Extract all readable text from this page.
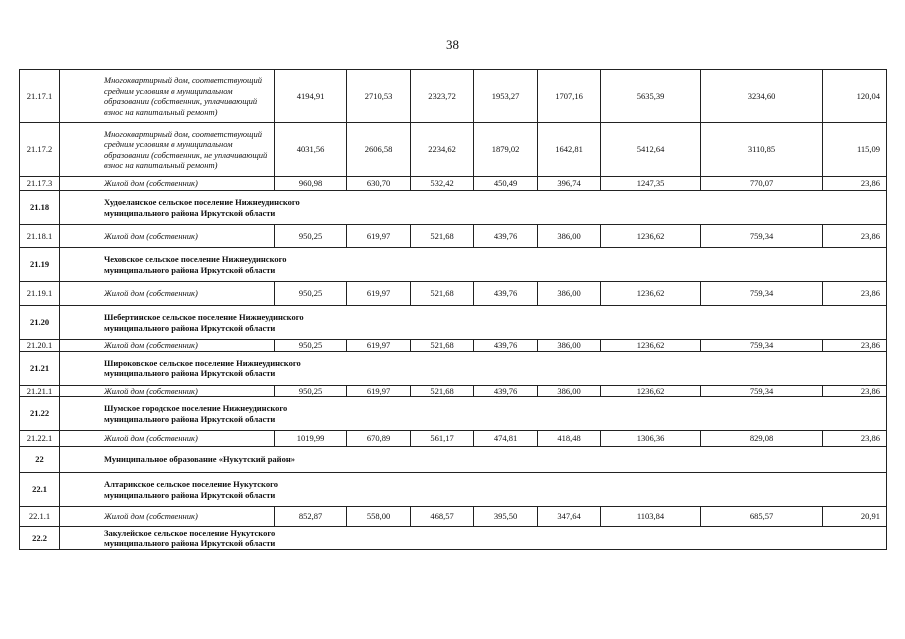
38
21.17.1	Многоквартирный дом, соответствующий средним условиям в муниципальном образовании (собственник, уплачивающий взнос на капитальный ремонт)	4194,91	2710,53	2323,72	1953,27	1707,16	5635,39	3234,60	120,04
21.17.2	Многоквартирный дом, соответствующий средним условиям в муниципальном образовании (собственник, не уплачивающий взнос на капитальный ремонт)	4031,56	2606,58	2234,62	1879,02	1642,81	5412,64	3110,85	115,09
21.17.3	Жилой дом (собственник)	960,98	630,70	532,42	450,49	396,74	1247,35	770,07	23,86
21.18	Худоеланское сельское поселение Нижнеудинского муниципального района Иркутской области								

21.18.1	Жилой дом (собственник)	950,25	619,97	521,68	439,76	386,00	1236,62	759,34	23,86
21.19	Чеховское сельское поселение Нижнеудинского муниципального района Иркутской области								

21.19.1	Жилой дом (собственник)	950,25	619,97	521,68	439,76	386,00	1236,62	759,34	23,86
21.20	Шебертинское сельское поселение Нижнеудинского муниципального района Иркутской области								

21.20.1	Жилой дом (собственник)	950,25	619,97	521,68	439,76	386,00	1236,62	759,34	23,86
21.21	Широковское сельское поселение Нижнеудинского муниципального района Иркутской области								

21.21.1	Жилой дом (собственник)	950,25	619,97	521,68	439,76	386,00	1236,62	759,34	23,86
21.22	Шумское городское поселение Нижнеудинского муниципального района Иркутской области								

21.22.1	Жилой дом (собственник)	1019,99	670,89	561,17	474,81	418,48	1306,36	829,08	23,86
22	Муниципальное образование «Нукутский район»								

22.1	Алтарикское сельское поселение Нукутского муниципального района Иркутской области								

22.1.1	Жилой дом (собственник)	852,87	558,00	468,57	395,50	347,64	1103,84	685,57	20,91
22.2	Закулейское сельское поселение Нукутского муниципального района Иркутской области								
